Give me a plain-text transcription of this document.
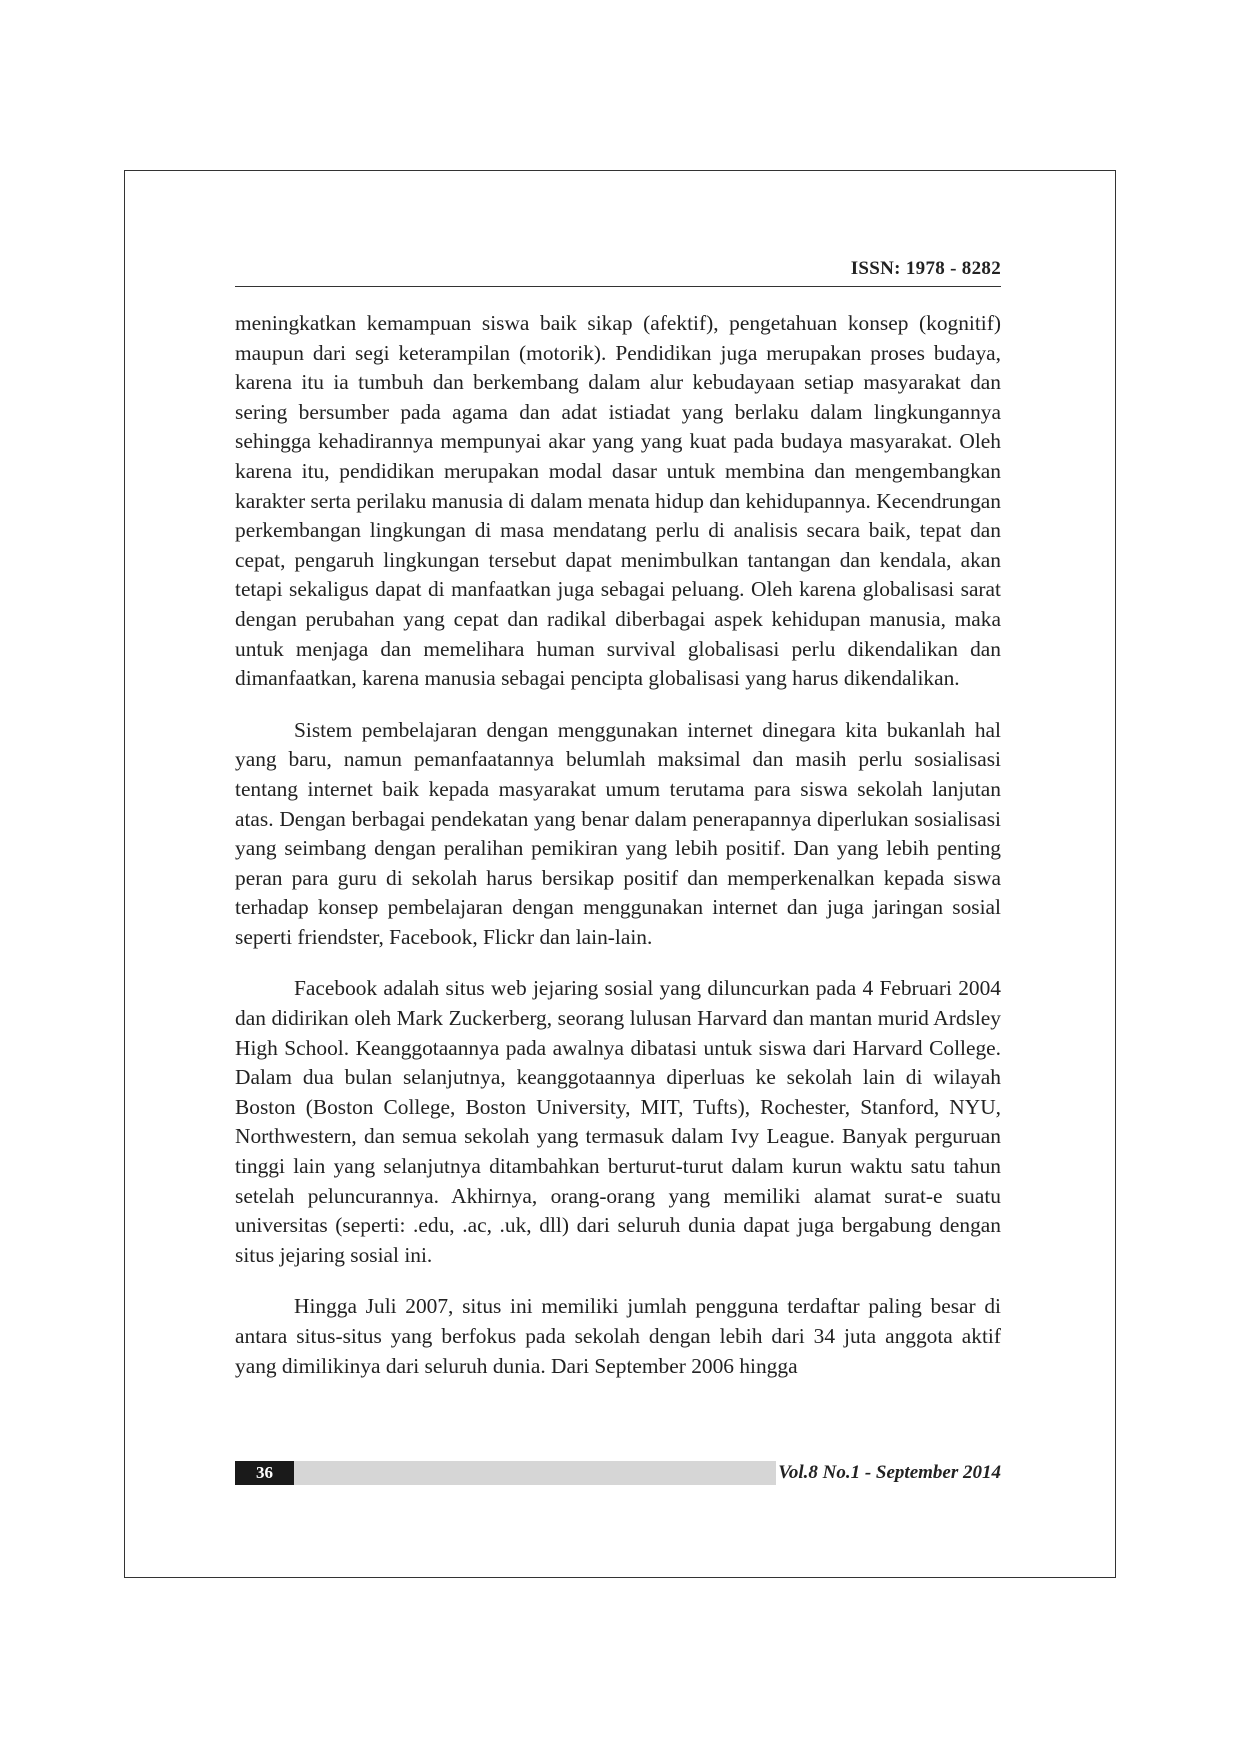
ISSN: 1978 - 8282

meningkatkan kemampuan siswa baik sikap (afektif), pengetahuan konsep (kognitif) maupun dari segi keterampilan (motorik). Pendidikan juga merupakan proses budaya, karena itu ia tumbuh dan berkembang dalam alur kebudayaan setiap masyarakat dan sering bersumber pada agama dan adat istiadat yang berlaku dalam lingkungannya sehingga kehadirannya mempunyai akar yang yang kuat pada budaya masyarakat. Oleh karena itu, pendidikan merupakan modal dasar untuk membina dan mengembangkan karakter serta perilaku manusia di dalam menata hidup dan kehidupannya. Kecendrungan perkembangan lingkungan di masa mendatang perlu di analisis secara baik, tepat dan cepat, pengaruh lingkungan tersebut dapat menimbulkan tantangan dan kendala, akan tetapi sekaligus dapat di manfaatkan juga sebagai peluang. Oleh karena globalisasi sarat dengan perubahan yang cepat dan radikal diberbagai aspek kehidupan manusia, maka untuk menjaga dan memelihara human survival globalisasi perlu dikendalikan dan dimanfaatkan, karena manusia sebagai pencipta globalisasi yang harus dikendalikan.

Sistem pembelajaran dengan menggunakan internet dinegara kita bukanlah hal yang baru, namun pemanfaatannya belumlah maksimal dan masih perlu sosialisasi tentang internet baik kepada masyarakat umum terutama para siswa sekolah lanjutan atas. Dengan berbagai pendekatan yang benar dalam penerapannya diperlukan sosialisasi yang seimbang dengan peralihan pemikiran yang lebih positif. Dan yang lebih penting peran para guru di sekolah harus bersikap positif dan memperkenalkan kepada siswa terhadap konsep pembelajaran dengan menggunakan internet dan juga jaringan sosial seperti friendster, Facebook, Flickr dan lain-lain.

Facebook adalah situs web jejaring sosial yang diluncurkan pada 4 Februari 2004 dan didirikan oleh Mark Zuckerberg, seorang lulusan Harvard dan mantan murid Ardsley High School. Keanggotaannya pada awalnya dibatasi untuk siswa dari Harvard College. Dalam dua bulan selanjutnya, keanggotaannya diperluas ke sekolah lain di wilayah Boston (Boston College, Boston University, MIT, Tufts), Rochester, Stanford, NYU, Northwestern, dan semua sekolah yang termasuk dalam Ivy League. Banyak perguruan tinggi lain yang selanjutnya ditambahkan berturut-turut dalam kurun waktu satu tahun setelah peluncurannya. Akhirnya, orang-orang yang memiliki alamat surat-e suatu universitas (seperti: .edu, .ac, .uk, dll) dari seluruh dunia dapat juga bergabung dengan situs jejaring sosial ini.

Hingga Juli 2007, situs ini memiliki jumlah pengguna terdaftar paling besar di antara situs-situs yang berfokus pada sekolah dengan lebih dari 34 juta anggota aktif yang dimilikinya dari seluruh dunia. Dari September 2006 hingga

36	Vol.8 No.1 - September 2014
